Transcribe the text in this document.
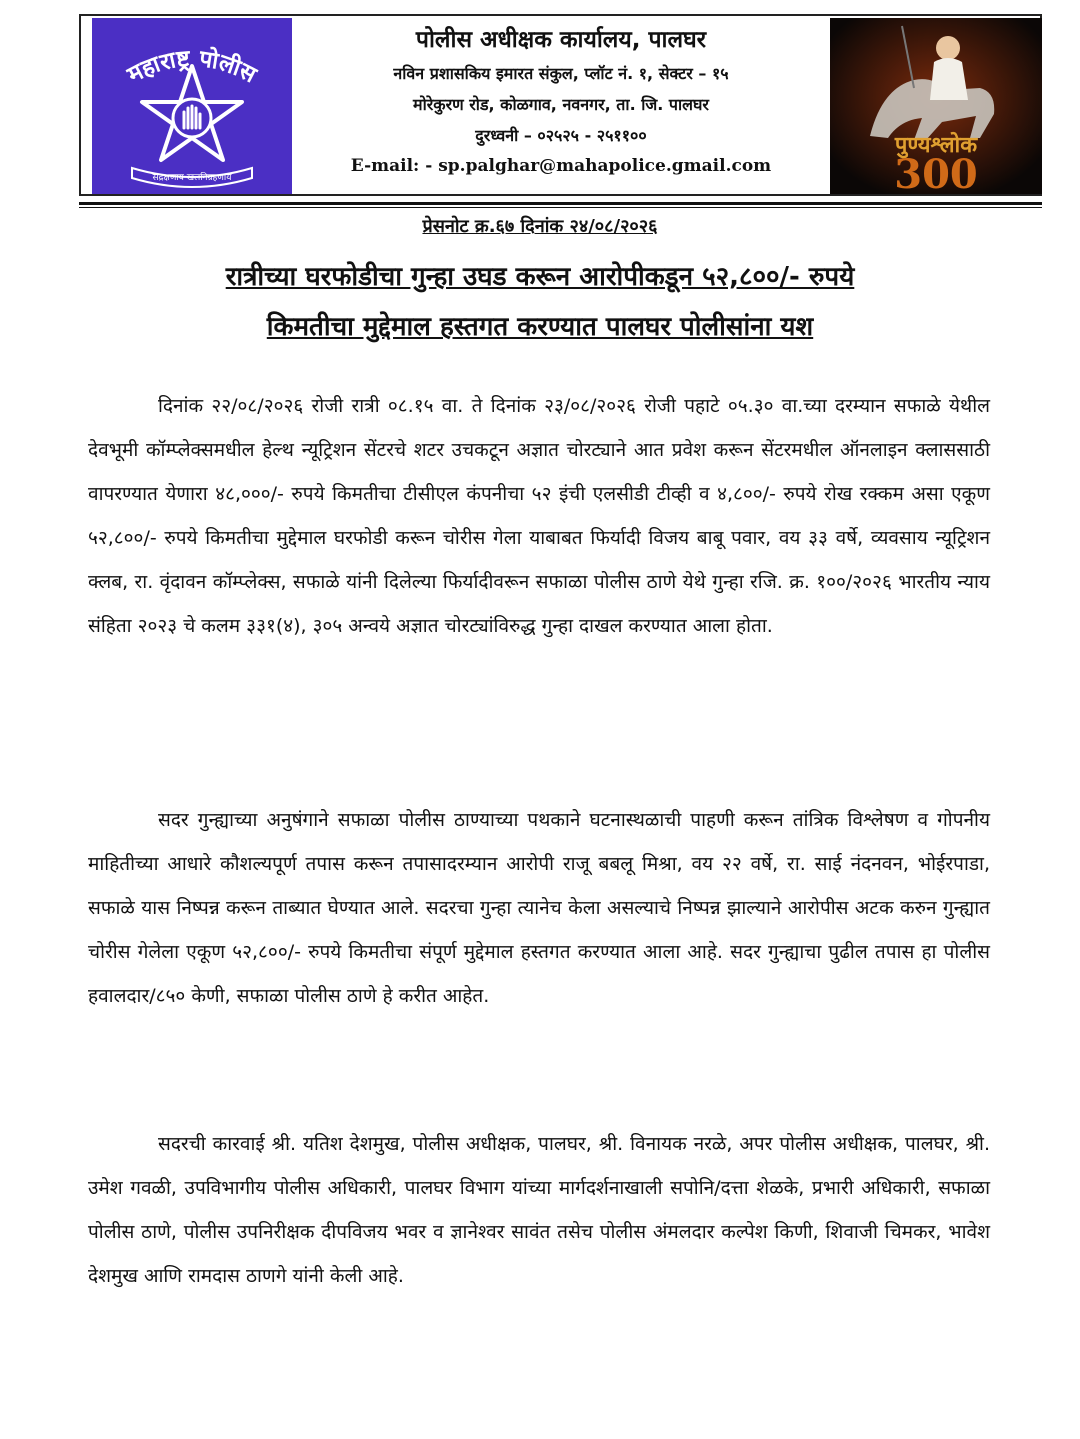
महाराष्ट्र पोलीस
सद्रक्षणाय खलनिग्रहणाय
पोलीस अधीक्षक कार्यालय, पालघर
नविन प्रशासकिय इमारत संकुल, प्लॉट नं. १, सेक्टर – १५
मोरेकुरण रोड, कोळगाव, नवनगर, ता. जि. पालघर
दुरध्वनी – ०२५२५ - २५११००
E-mail: - sp.palghar@mahapolice.gmail.com
पुण्यश्लोक
300
प्रेसनोट क्र.६७ दिनांक २४/०८/२०२६
रात्रीच्या घरफोडीचा गुन्हा उघड करून आरोपीकडून ५२,८००/- रुपये
किमतीचा मुद्देमाल हस्तगत करण्यात पालघर पोलीसांना यश

दिनांक २२/०८/२०२६ रोजी रात्री ०८.१५ वा. ते दिनांक २३/०८/२०२६ रोजी पहाटे ०५.३० वा.च्या दरम्यान सफाळे येथील देवभूमी कॉम्प्लेक्समधील हेल्थ न्यूट्रिशन सेंटरचे शटर उचकटून अज्ञात चोरट्याने आत प्रवेश करून सेंटरमधील ऑनलाइन क्लाससाठी वापरण्यात येणारा ४८,०००/- रुपये किमतीचा टीसीएल कंपनीचा ५२ इंची एलसीडी टीव्ही व ४,८००/- रुपये रोख रक्कम असा एकूण ५२,८००/- रुपये किमतीचा मुद्देमाल घरफोडी करून चोरीस गेला याबाबत फिर्यादी विजय बाबू पवार, वय ३३ वर्षे, व्यवसाय न्यूट्रिशन क्लब, रा. वृंदावन कॉम्प्लेक्स, सफाळे यांनी दिलेल्या फिर्यादीवरून सफाळा पोलीस ठाणे येथे गुन्हा रजि. क्र. १००/२०२६ भारतीय न्याय संहिता २०२३ चे कलम ३३१(४), ३०५ अन्वये अज्ञात चोरट्यांविरुद्ध गुन्हा दाखल करण्यात आला होता.

सदर गुन्ह्याच्या अनुषंगाने सफाळा पोलीस ठाण्याच्या पथकाने घटनास्थळाची पाहणी करून तांत्रिक विश्लेषण व गोपनीय माहितीच्या आधारे कौशल्यपूर्ण तपास करून तपासादरम्यान आरोपी राजू बबलू मिश्रा, वय २२ वर्षे, रा. साई नंदनवन, भोईरपाडा, सफाळे यास निष्पन्न करून ताब्यात घेण्यात आले. सदरचा गुन्हा त्यानेच केला असल्याचे निष्पन्न झाल्याने आरोपीस अटक करुन गुन्ह्यात चोरीस गेलेला एकूण ५२,८००/- रुपये किमतीचा संपूर्ण मुद्देमाल हस्तगत करण्यात आला आहे. सदर गुन्ह्याचा पुढील तपास हा पोलीस हवालदार/८५० केणी, सफाळा पोलीस ठाणे हे करीत आहेत.

सदरची कारवाई श्री. यतिश देशमुख, पोलीस अधीक्षक, पालघर, श्री. विनायक नरळे, अपर पोलीस अधीक्षक, पालघर, श्री. उमेश गवळी, उपविभागीय पोलीस अधिकारी, पालघर विभाग यांच्या मार्गदर्शनाखाली सपोनि/दत्ता शेळके, प्रभारी अधिकारी, सफाळा पोलीस ठाणे, पोलीस उपनिरीक्षक दीपविजय भवर व ज्ञानेश्वर सावंत तसेच पोलीस अंमलदार कल्पेश किणी, शिवाजी चिमकर, भावेश देशमुख आणि रामदास ठाणगे यांनी केली आहे.
